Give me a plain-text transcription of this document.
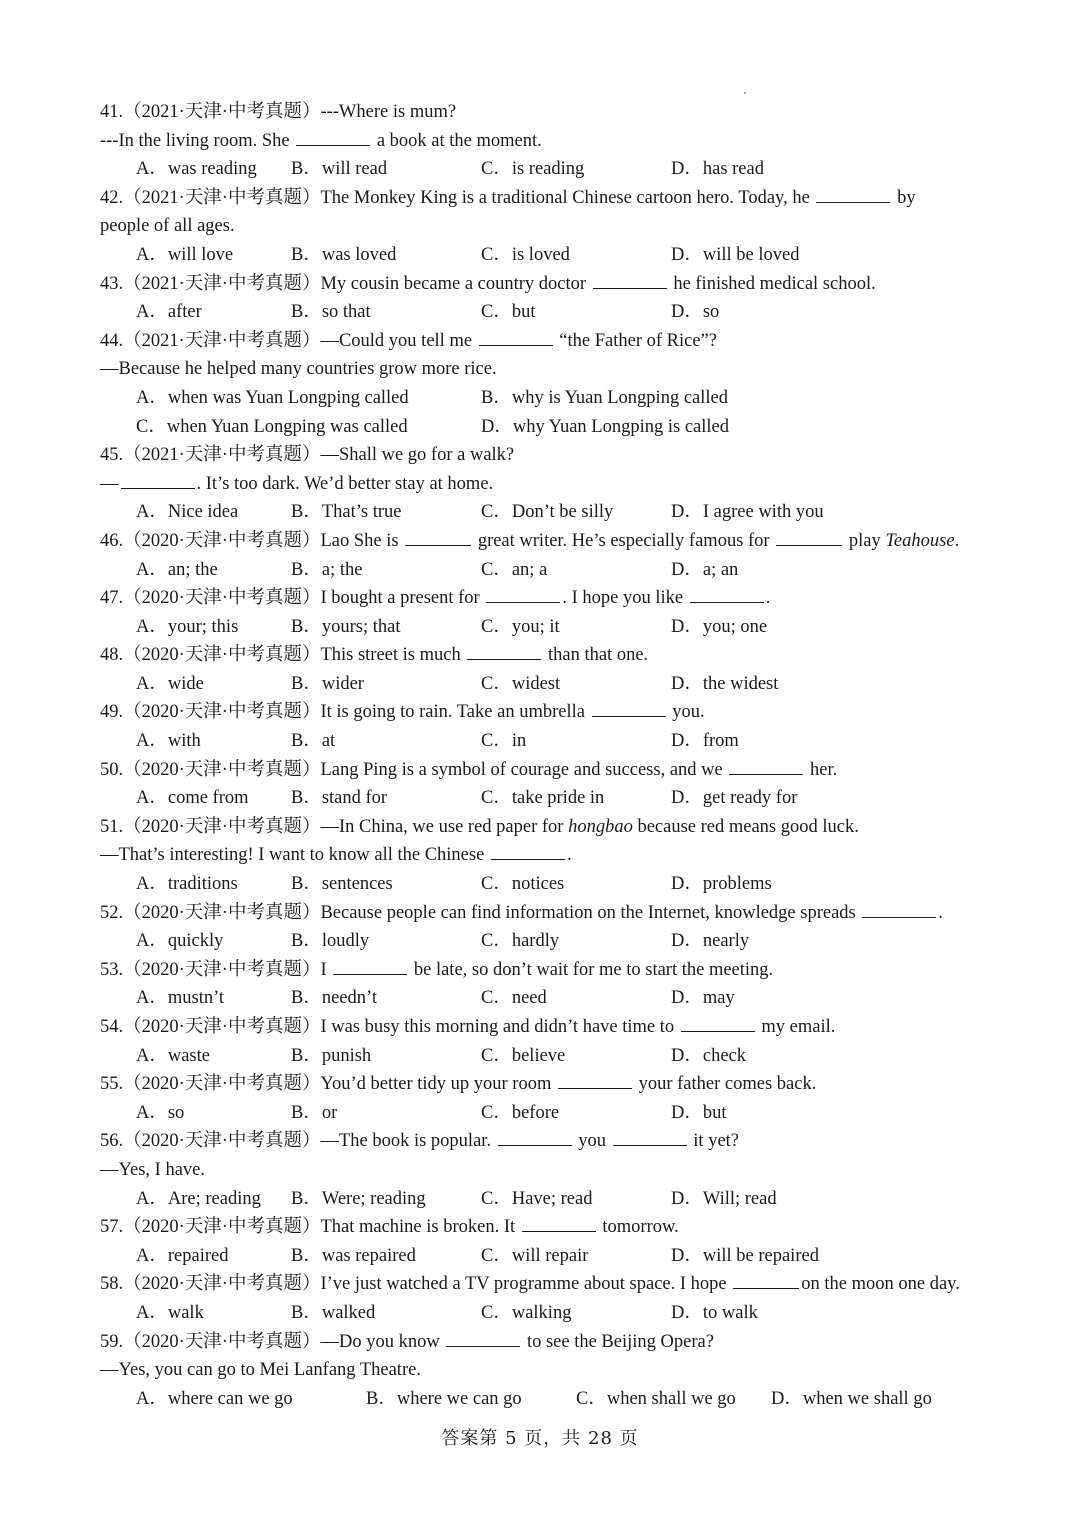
41.（2021·天津·中考真题）---Where is mum?
---In the living room. She	a book at the moment.
A．was reading B．will read	C．is reading	D．has read
42.（2021·天津·中考真题）The Monkey King is a traditional Chinese cartoon hero. Today, he	by
people of all ages.
A．will love	B．was loved	C．is loved	D．will be loved
43.（2021·天津·中考真题）My cousin became a country doctor	he finished medical school.
A．after	B．so that	C．but	D．so
44.（2021·天津·中考真题）—Could you tell me	“the Father of Rice”?
—Because he helped many countries grow more rice.
A．when was Yuan Longping called	B．why is Yuan Longping called
C．when Yuan Longping was called	D．why Yuan Longping is called
45.（2021·天津·中考真题）—Shall we go for a walk?
—	. It’s too dark. We’d better stay at home.
A．Nice idea	B．That’s true	C．Don’t be silly	D．I agree with you
46.（2020·天津·中考真题）Lao She is	great writer. He’s especially famous for	play Teahouse.
A．an; the	B．a; the	C．an; a	D．a; an
47.（2020·天津·中考真题）I bought a present for	. I hope you like	.
A．your; this	B．yours; that	C．you; it	D．you; one
48.（2020·天津·中考真题）This street is much	than that one.
A．wide	B．wider	C．widest	D．the widest
49.（2020·天津·中考真题）It is going to rain. Take an umbrella	you.
A．with	B．at	C．in	D．from
50.（2020·天津·中考真题）Lang Ping is a symbol of courage and success, and we	her.
A．come from B．stand for	C．take pride in	D．get ready for
51.（2020·天津·中考真题）—In China, we use red paper for hongbao because red means good luck.
—That’s interesting! I want to know all the Chinese	.
A．traditions	B．sentences	C．notices	D．problems
52.（2020·天津·中考真题）Because people can find information on the Internet, knowledge spreads	.
A．quickly	B．loudly	C．hardly	D．nearly
53.（2020·天津·中考真题）I	be late, so don’t wait for me to start the meeting.
A．mustn’t	B．needn’t	C．need	D．may
54.（2020·天津·中考真题）I was busy this morning and didn’t have time to	my email.
A．waste	B．punish	C．believe	D．check
55.（2020·天津·中考真题）You’d better tidy up your room	your father comes back.
A．so	B．or	C．before	D．but
56.（2020·天津·中考真题）—The book is popular.	you	it yet?
—Yes, I have.
A．Are; reading B．Were; reading	C．Have; read	D．Will; read
57.（2020·天津·中考真题）That machine is broken. It	tomorrow.
A．repaired	B．was repaired	C．will repair	D．will be repaired
58.（2020·天津·中考真题）I’ve just watched a TV programme about space. I hope	on the moon one day.
A．walk	B．walked	C．walking	D．to walk
59.（2020·天津·中考真题）—Do you know	to see the Beijing Opera?
—Yes, you can go to Mei Lanfang Theatre.
A．where can we go	B．where we can go	C．when shall we go D．when we shall go
答案第 5 页，共 28 页
